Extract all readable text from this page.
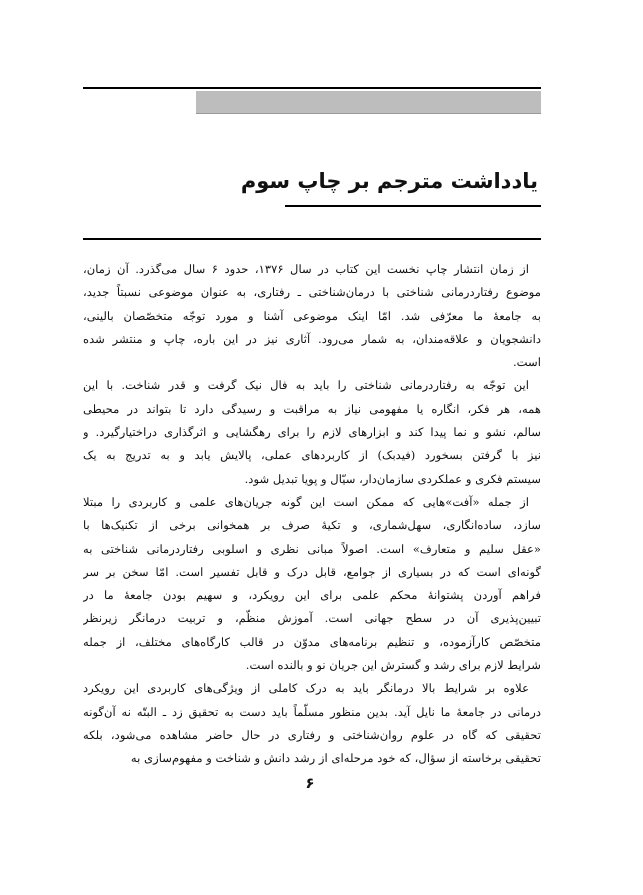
یادداشت مترجم بر چاپ سوم
از زمان انتشار چاپ نخست این کتاب در سال ۱۳۷۶، حدود ۶ سال می‌گذرد. آن زمان،
موضوع رفتاردرمانی شناختی با درمان‌شناختی ـ رفتاری، به عنوان موضوعی نسبتاً جدید،
به جامعهٔ ما معرّفی شد. امّا اینک موضوعی آشنا و مورد توجّه متخصّصان بالینی،
دانشجویان و علاقه‌مندان، به شمار می‌رود. آثاری نیز در این باره، چاپ و منتشر شده
است.
این توجّه به رفتاردرمانی شناختی را باید به فال نیک گرفت و قدر شناخت. با این
همه، هر فکر، انگاره یا مفهومی نیاز به مراقبت و رسیدگی دارد تا بتواند در محیطی
سالم، نشو و نما پیدا کند و ابزارهای لازم را برای رهگشایی و اثرگذاری دراختیارگیرد. و
نیز با گرفتن بسخورد (فیدبک) از کاربردهای عملی، پالایش یابد و به تدریج به یک
سیستم فکری و عملکردی سازمان‌دار، سیّال و پویا تبدیل شود.
از جمله «آفت»هایی که ممکن است این گونه جریان‌های علمی و کاربردی را مبتلا
سازد، ساده‌انگاری، سهل‌شماری، و تکیهٔ صرف بر همخوانی برخی از تکنیک‌ها با
«عقل سلیم و متعارف» است. اصولاً مبانی نظری و اسلوبی رفتاردرمانی شناختی به
گونه‌ای است که در بسیاری از جوامع، قابل درک و قابل تفسیر است. امّا سخن بر سر
فراهم آوردن پشتوانهٔ محکم علمی برای این رویکرد، و سهیم بودن جامعهٔ ما در
تبیین‌پذیری آن در سطح جهانی است. آموزش منظّم، و تربیت درمانگر زیرنظر
متخصّص کارآزموده، و تنظیم برنامه‌های مدوّن در قالب کارگاه‌های مختلف، از جمله
شرایط لازم برای رشد و گسترش این جریان نو و بالنده است.
علاوه بر شرایط بالا درمانگر باید به درک کاملی از ویژگی‌های کاربردی این رویکرد
درمانی در جامعهٔ ما نایل آید. بدین منظور مسلّماً باید دست به تحقیق زد ـ البتّه نه آن‌گونه
تحقیقی که گاه در علوم روان‌شناختی و رفتاری در حال حاضر مشاهده می‌شود، بلکه
تحقیقی برخاسته از سؤال، که خود مرحله‌ای از رشد دانش و شناخت و مفهوم‌سازی به
۶
